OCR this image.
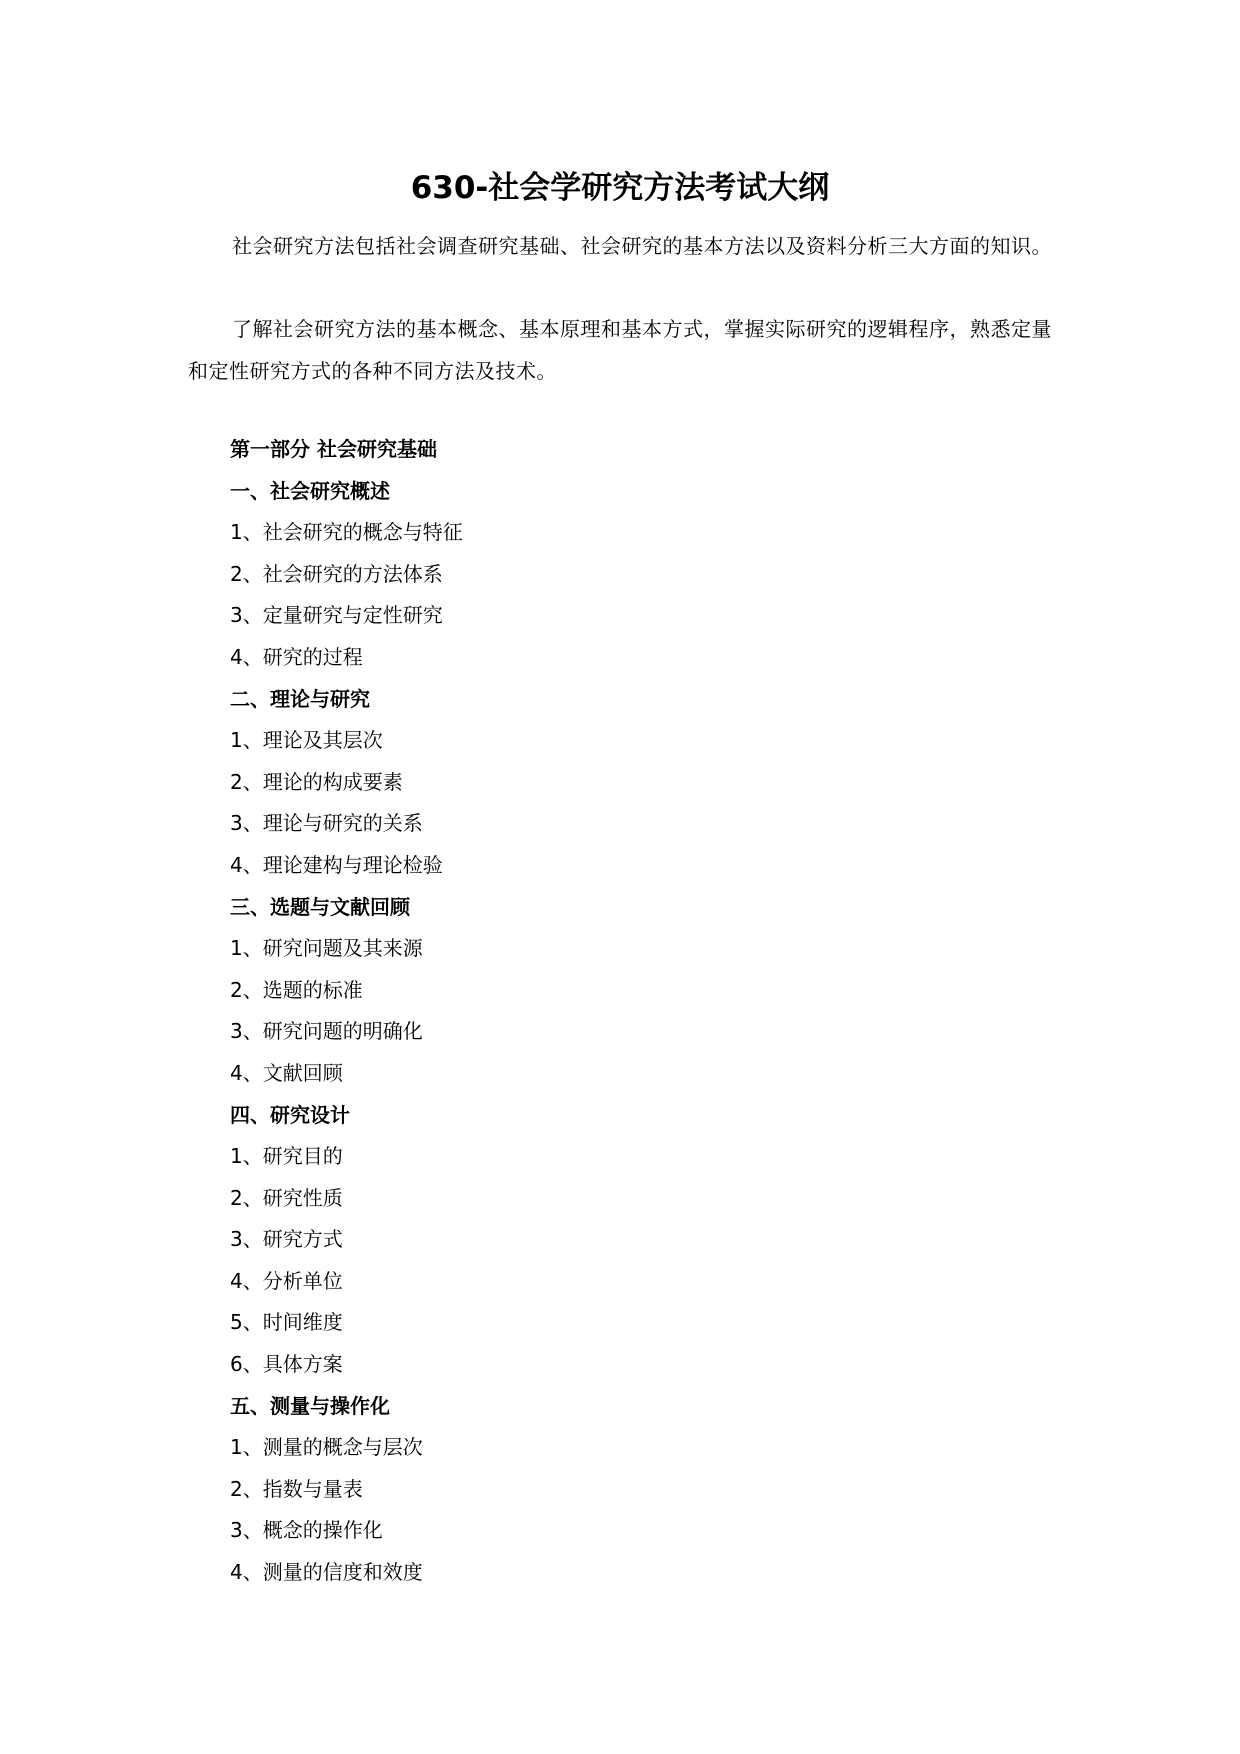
630-社会学研究方法考试大纲
社会研究方法包括社会调查研究基础、社会研究的基本方法以及资料分析三大方面的知识。
了解社会研究方法的基本概念、基本原理和基本方式，掌握实际研究的逻辑程序，熟悉定量和定性研究方式的各种不同方法及技术。
第一部分 社会研究基础
一、社会研究概述
1、社会研究的概念与特征
2、社会研究的方法体系
3、定量研究与定性研究
4、研究的过程
二、理论与研究
1、理论及其层次
2、理论的构成要素
3、理论与研究的关系
4、理论建构与理论检验
三、选题与文献回顾
1、研究问题及其来源
2、选题的标准
3、研究问题的明确化
4、文献回顾
四、研究设计
1、研究目的
2、研究性质
3、研究方式
4、分析单位
5、时间维度
6、具体方案
五、测量与操作化
1、测量的概念与层次
2、指数与量表
3、概念的操作化
4、测量的信度和效度
